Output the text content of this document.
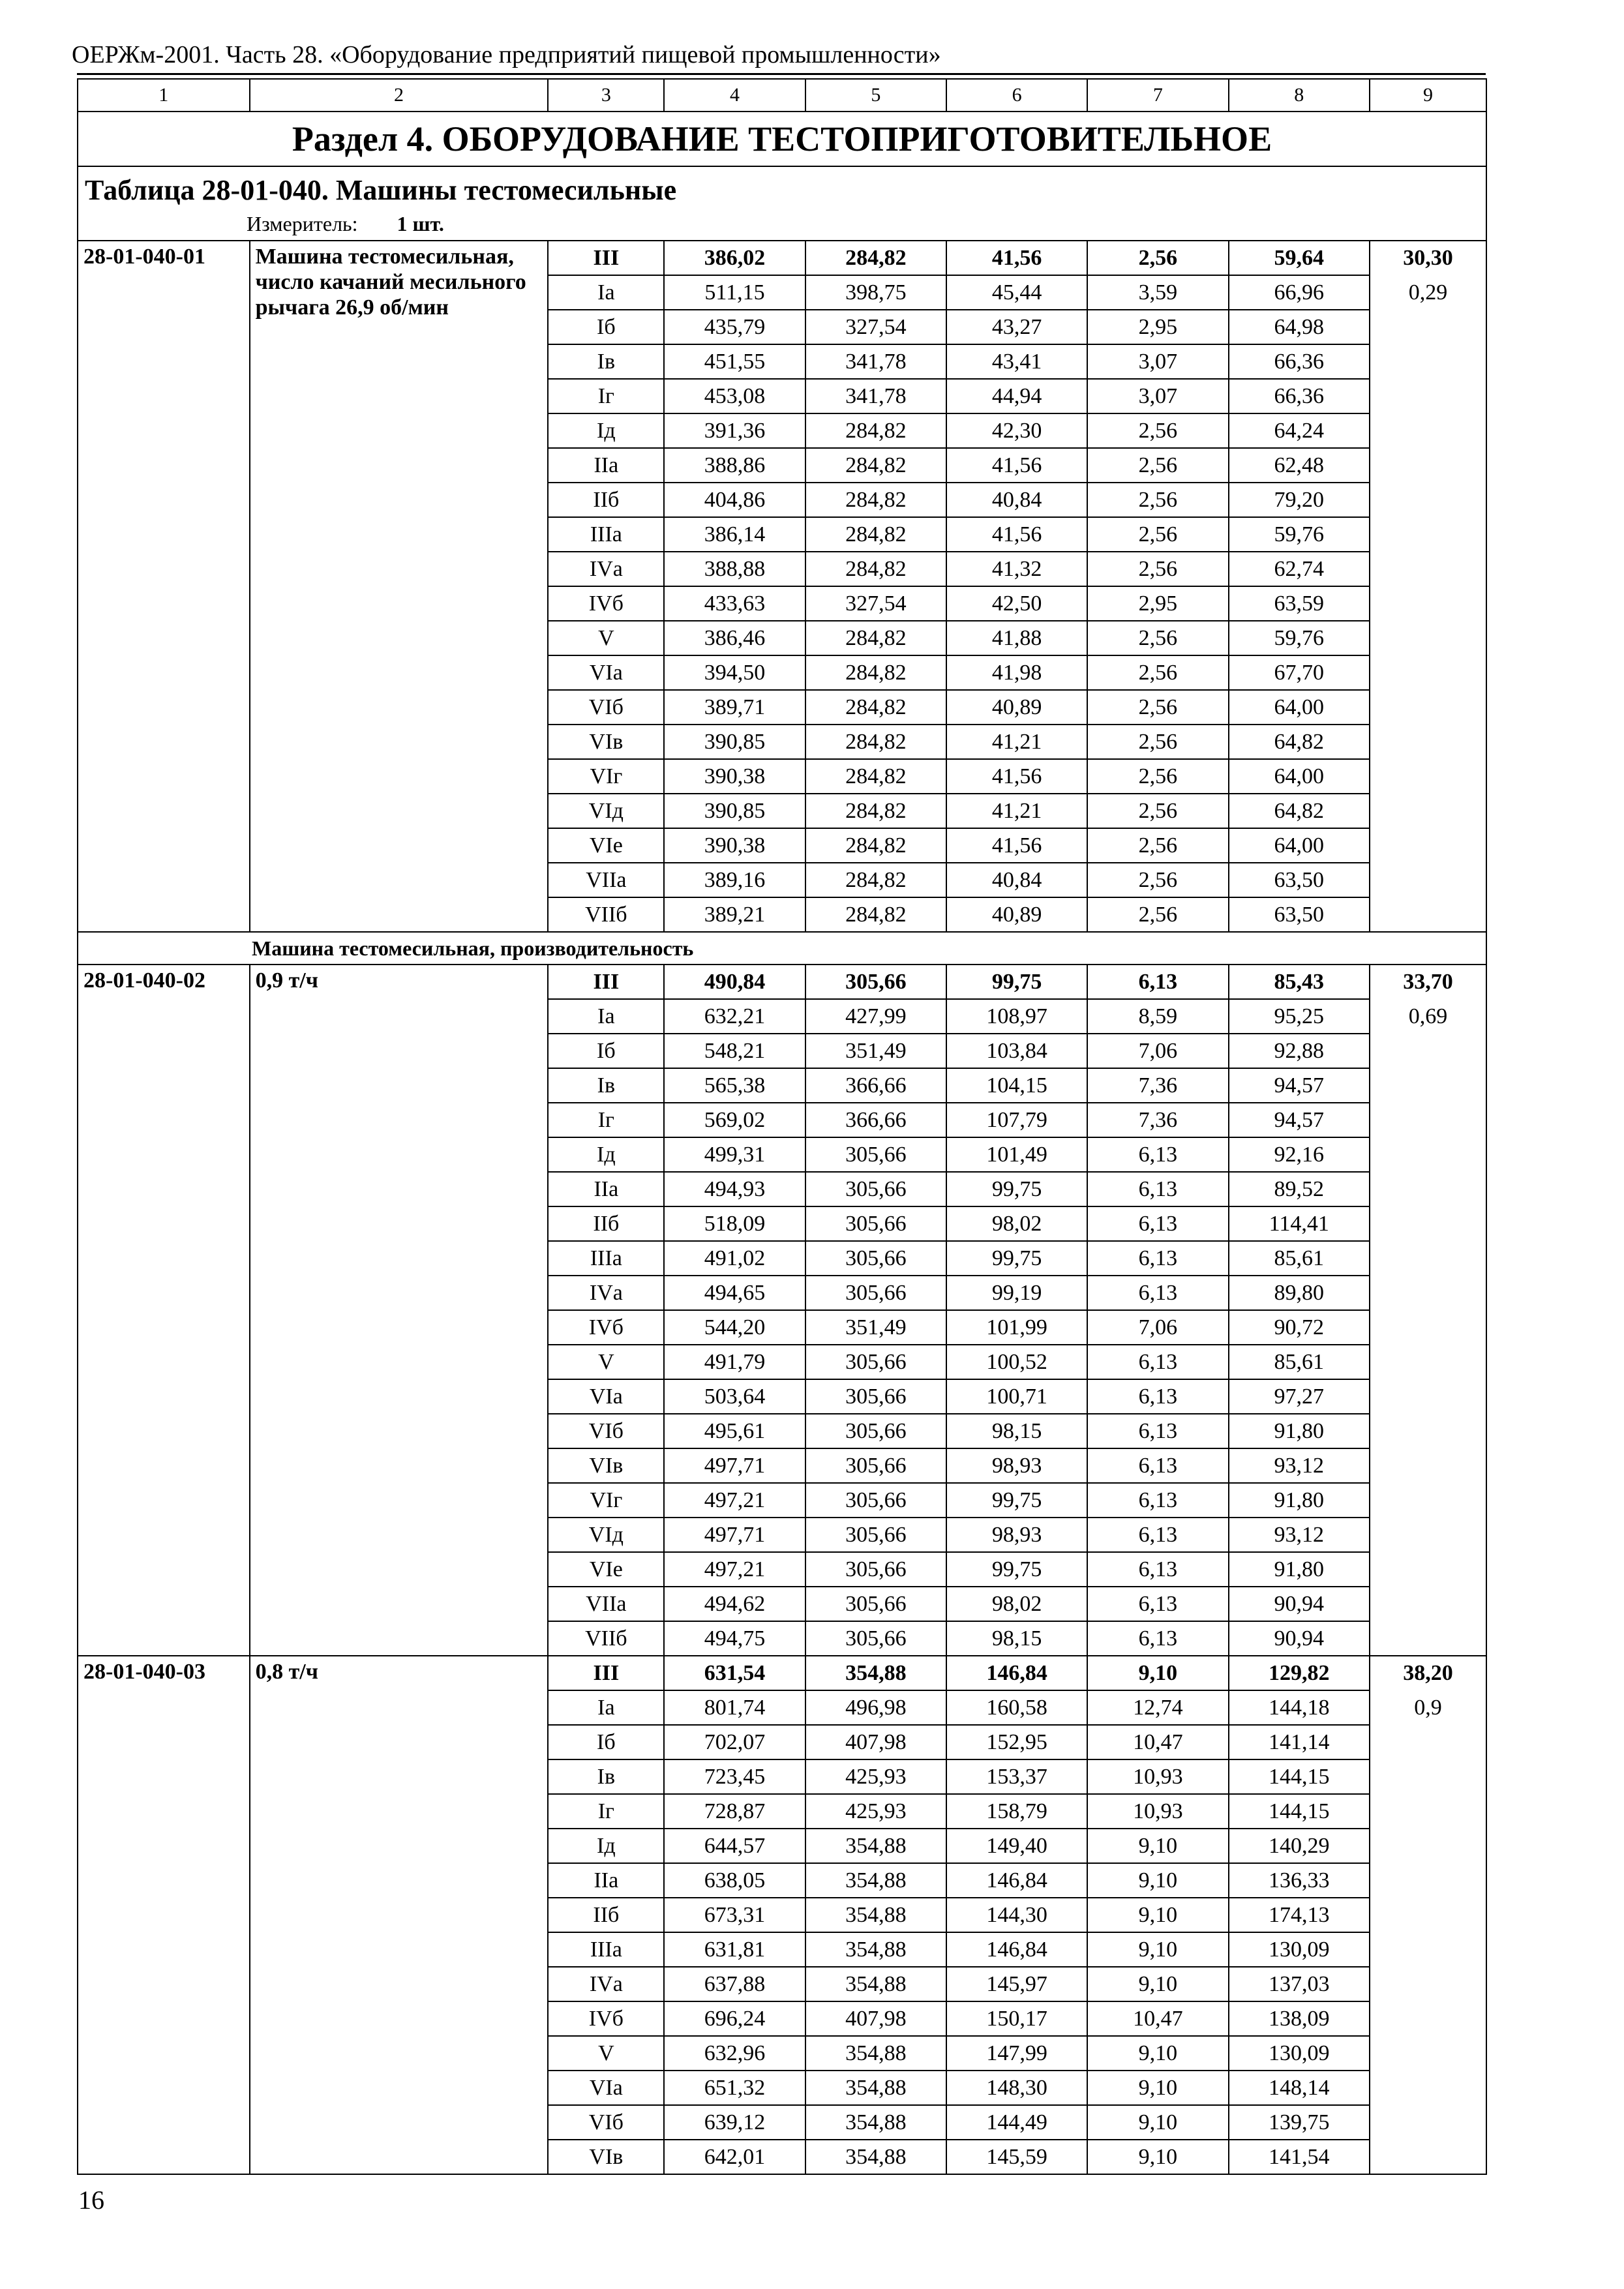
ОЕРЖм-2001. Часть 28. «Оборудование предприятий пищевой промышленности»
1	2	3	4	5	6	7	8	9
Раздел 4. ОБОРУДОВАНИЕ ТЕСТОПРИГОТОВИТЕЛЬНОЕ								
Таблица 28-01-040. Машины тестомесильные								
Измеритель: 1 шт.								
28-01-040-01	Машина тестомесильная, число качаний месильного рычага 26,9 об/мин	III	386,02	284,82	41,56	2,56	59,64	30,30
		Iа	511,15	398,75	45,44	3,59	66,96	0,29
		Iб	435,79	327,54	43,27	2,95	64,98	
		Iв	451,55	341,78	43,41	3,07	66,36	
		Iг	453,08	341,78	44,94	3,07	66,36	
		Iд	391,36	284,82	42,30	2,56	64,24	
		IIа	388,86	284,82	41,56	2,56	62,48	
		IIб	404,86	284,82	40,84	2,56	79,20	
		IIIа	386,14	284,82	41,56	2,56	59,76	
		IVа	388,88	284,82	41,32	2,56	62,74	
		IVб	433,63	327,54	42,50	2,95	63,59	
		V	386,46	284,82	41,88	2,56	59,76	
		VIа	394,50	284,82	41,98	2,56	67,70	
		VIб	389,71	284,82	40,89	2,56	64,00	
		VIв	390,85	284,82	41,21	2,56	64,82	
		VIг	390,38	284,82	41,56	2,56	64,00	
		VIд	390,85	284,82	41,21	2,56	64,82	
		VIе	390,38	284,82	41,56	2,56	64,00	
		VIIа	389,16	284,82	40,84	2,56	63,50	
		VIIб	389,21	284,82	40,89	2,56	63,50	
Машина тестомесильная, производительность								
28-01-040-02	0,9 т/ч	III	490,84	305,66	99,75	6,13	85,43	33,70
		Iа	632,21	427,99	108,97	8,59	95,25	0,69
		Iб	548,21	351,49	103,84	7,06	92,88	
		Iв	565,38	366,66	104,15	7,36	94,57	
		Iг	569,02	366,66	107,79	7,36	94,57	
		Iд	499,31	305,66	101,49	6,13	92,16	
		IIа	494,93	305,66	99,75	6,13	89,52	
		IIб	518,09	305,66	98,02	6,13	114,41	
		IIIа	491,02	305,66	99,75	6,13	85,61	
		IVа	494,65	305,66	99,19	6,13	89,80	
		IVб	544,20	351,49	101,99	7,06	90,72	
		V	491,79	305,66	100,52	6,13	85,61	
		VIа	503,64	305,66	100,71	6,13	97,27	
		VIб	495,61	305,66	98,15	6,13	91,80	
		VIв	497,71	305,66	98,93	6,13	93,12	
		VIг	497,21	305,66	99,75	6,13	91,80	
		VIд	497,71	305,66	98,93	6,13	93,12	
		VIе	497,21	305,66	99,75	6,13	91,80	
		VIIа	494,62	305,66	98,02	6,13	90,94	
		VIIб	494,75	305,66	98,15	6,13	90,94	
28-01-040-03	0,8 т/ч	III	631,54	354,88	146,84	9,10	129,82	38,20
		Iа	801,74	496,98	160,58	12,74	144,18	0,9
		Iб	702,07	407,98	152,95	10,47	141,14	
		Iв	723,45	425,93	153,37	10,93	144,15	
		Iг	728,87	425,93	158,79	10,93	144,15	
		Iд	644,57	354,88	149,40	9,10	140,29	
		IIа	638,05	354,88	146,84	9,10	136,33	
		IIб	673,31	354,88	144,30	9,10	174,13	
		IIIа	631,81	354,88	146,84	9,10	130,09	
		IVа	637,88	354,88	145,97	9,10	137,03	
		IVб	696,24	407,98	150,17	10,47	138,09	
		V	632,96	354,88	147,99	9,10	130,09	
		VIа	651,32	354,88	148,30	9,10	148,14	
		VIб	639,12	354,88	144,49	9,10	139,75	
		VIв	642,01	354,88	145,59	9,10	141,54	
16
